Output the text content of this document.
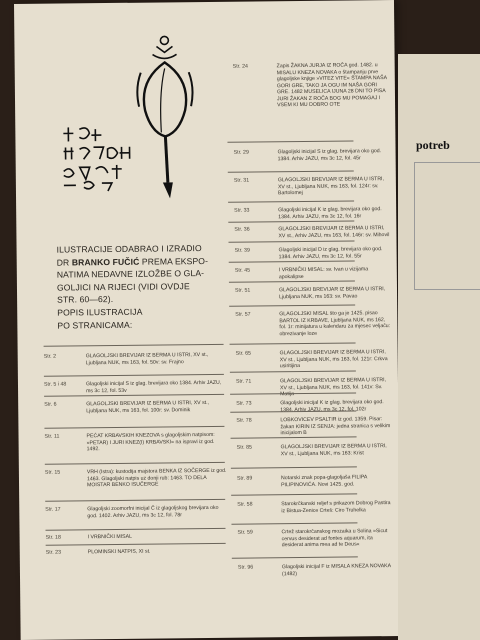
ILUSTRACIJE ODABRAO I IZRADIO
DR BRANKO FUČIĆ PREMA EKSPO-
NATIMA NEDAVNE IZLOŽBE O GLA-
GOLJICI NA RIJECI (VIDI OVDJE
STR. 60—62).
POPIS ILUSTRACIJA
PO STRANICAMA:
Str. 2	GLAGOLJSKI BREVIJAR IZ BERMA U ISTRI, XV st., Ljubljana NUK, ms 163, fol. 50v: sv. Frajno
Str. 5 i 48	Glagoljski inicijal S iz glag. brevijara oko 1384. Arhiv JAZU, ms 3c 12, fol. 53v
Str. 6	GLAGOLJSKI BREVIJAR IZ BERMA U ISTRI, XV st., Ljubljana NUK, ms 163, fol. 100r: sv. Dominik
Str. 11	PEĆAT KRBAVSKIH KNEZOVA s glagoljskim natpisom: »PETAR) I JURI KNEZ(I) KRBAVSKI« na ispravi iz god. 1492.
Str. 15	VRH (Istra): kustodija majstora BENKA IZ SOČERGE iz god. 1463. Glagoljski natpis uz donji rub: 1463. TO DELA MOISTAR BENKO ISUČERGE
Str. 17	Glagoljski zoomorfni inicijal Č iz glagoljskog brevijara oko god. 1402. Arhiv JAZU, ms 3c 12, fol. 78r
Str. 18	I VRBNIČKI MISAL
Str. 23	PLOMINSKI NATPIS, XI st.
Str. 24	Zapis ŽAKNA JURJA IZ ROČA god. 1482. u MISALU KNEZA NOVAKA o štampanju prve glagoljske knjige »VITEZ VITE« ŠTAMPA NAŠA GORI GRE, TAKO JA OGU IM NAŠA GORI GRE. 1482 MUSELICA IJUNA 28 DNI TO PISA JURI ŽAKAN Z ROČA BOG MU POMAGAJ I VSEM KI MU DOBRO OTE
Str. 29	Glagoljski inicijal S iz glag. brevijara oko god. 1384. Arhiv JAZU, ms 3c 12, fol. 45r
Str. 31	GLAGOLJSKI BREVIJAR IZ BERMA U ISTRI, XV st., Ljubljana NUK, ms 163, fol. 124r: sv. Bartolomej
Str. 33	Glagoljski inicijal K iz glag. brevijara oko god. 1384. Arhiv JAZU, ms 3c 12, fol. 16r
Str. 36	GLAGOLJSKI BREVIJAR IZ BERMA U ISTRI, XV st., Arhiv JAZU, ms 163, fol. 146r: sv. Mihovil
Str. 39	Glagoljski inicijal D iz glag. brevijara oko god. 1384. Arhiv JAZU, ms 3c 12, fol. 55r
Str. 45	I VRBNIČKI MISAL: sv. Ivan u vizijama apokalipse
Str. 51	GLAGOLJSKI BREVIJAR IZ BERMA U ISTRI, Ljubljana NUK, ms 163: sv. Pavao
Str. 57	GLAGOLJSKI MISAL što ga je 1425. pisao BARTOL IZ KRBAVE, Ljubljana NUK, ms 162, fol. 1r: minijatura u kalendaru za mjesec veljaču: obrezivanje loze
Str. 65	GLAGOLJSKI BREVIJAR IZ BERMA U ISTRI, XV st., Ljubljana NUK, ms 163, fol. 121r: Crkva usiritijina
Str. 71	GLAGOLJSKI BREVIJAR IZ BERMA U ISTRI, XV st., Ljubljana NUK, ms 163, fol. 141v: Sv. Matija
Str. 73	Glagoljski inicijal K iz glag. brevijara oko god. 1384. Arhiv JAZU, ms 3c 12, fol. 102r
Str. 78	LOBKOVICEV PSALTIR iz god. 1359. Pisar: žakan KIRIN IZ SENJA: jedna stranica s velikim inicijalom B
Str. 85	GLAGOLJSKI BREVIJAR IZ BERMA U ISTRI, XV st., Ljubljana NUK, ms 163: Krist
Str. 89	Notarski znak popa-glagoljaša FILIPA PILIPINOVIĆA. Novi 1425. god.
Str. 58	Starokrčkanski reljef s prikazom Dobrog Pastira iz Bistua-Zenice Crteš: Ciro Truhelka
Str. 59	Crtež starokrčanskog mozaika u Solina »Sicut cervus desiderat ad fontes aquarum, ita desiderat anima mea ad te Deus«
Str. 96	Glagoljski inicijal F iz MISALA KNEZA NOVAKA (1482)
potreb
